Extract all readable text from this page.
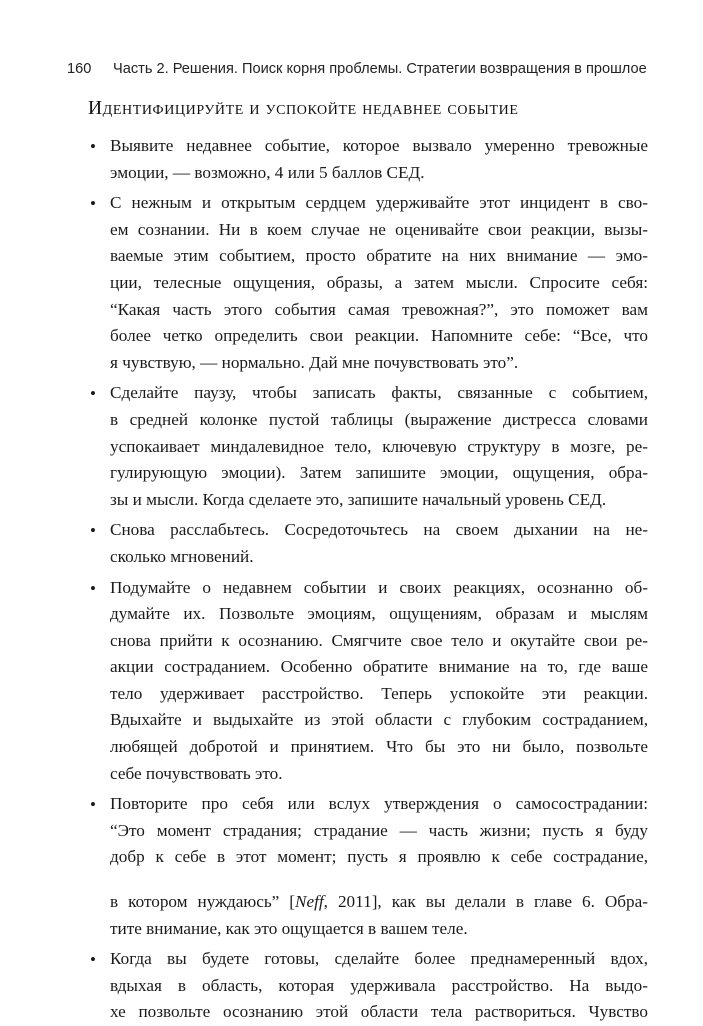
160 Часть 2. Решения. Поиск корня проблемы. Стратегии возвращения в прошлое
Идентифицируйте и успокойте недавнее событие
• Выявите недавнее событие, которое вызвало умеренно тревожные
эмоции, — возможно, 4 или 5 баллов СЕД.
• С нежным и открытым сердцем удерживайте этот инцидент в сво-
ем сознании. Ни в коем случае не оценивайте свои реакции, вызы-
ваемые этим событием, просто обратите на них внимание — эмо-
ции, телесные ощущения, образы, а затем мысли. Спросите себя:
“Какая часть этого события самая тревожная?”, это поможет вам
более четко определить свои реакции. Напомните себе: “Все, что
я чувствую, — нормально. Дай мне почувствовать это”.
• Сделайте паузу, чтобы записать факты, связанные с событием,
в средней колонке пустой таблицы (выражение дистресса словами
успокаивает миндалевидное тело, ключевую структуру в мозге, ре-
гулирующую эмоции). Затем запишите эмоции, ощущения, обра-
зы и мысли. Когда сделаете это, запишите начальный уровень СЕД.
• Снова расслабьтесь. Сосредоточьтесь на своем дыхании на не-
сколько мгновений.
• Подумайте о недавнем событии и своих реакциях, осознанно об-
думайте их. Позвольте эмоциям, ощущениям, образам и мыслям
снова прийти к осознанию. Смягчите свое тело и окутайте свои ре-
акции состраданием. Особенно обратите внимание на то, где ваше
тело удерживает расстройство. Теперь успокойте эти реакции.
Вдыхайте и выдыхайте из этой области с глубоким состраданием,
любящей добротой и принятием. Что бы это ни было, позвольте
себе почувствовать это.
• Повторите про себя или вслух утверждения о самосострадании:
“Это момент страдания; страдание — часть жизни; пусть я буду
добр к себе в этот момент; пусть я проявлю к себе сострадание,
в котором нуждаюсь” [Neff, 2011], как вы делали в главе 6. Обра-
тите внимание, как это ощущается в вашем теле.
• Когда вы будете готовы, сделайте более преднамеренный вдох,
вдыхая в область, которая удерживала расстройство. На выдо-
хе позвольте осознанию этой области тела раствориться. Чувство
